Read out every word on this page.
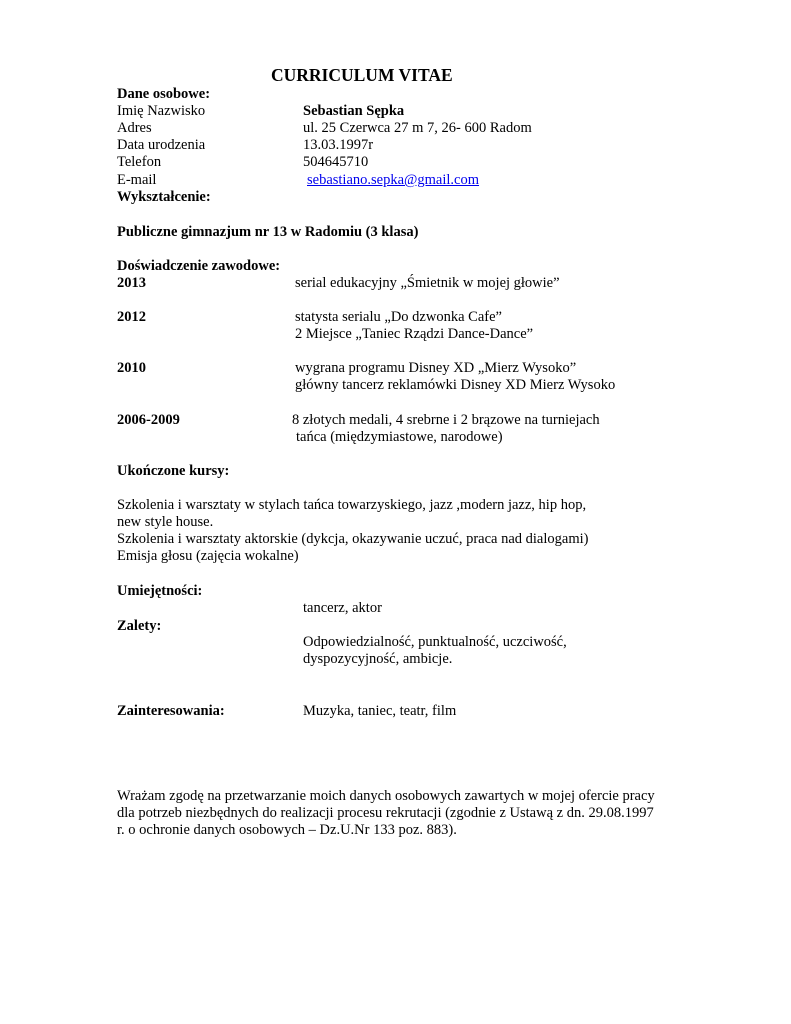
CURRICULUM VITAE
Dane osobowe:
Imię Nazwisko	Sebastian Sępka
Adres	ul. 25 Czerwca 27 m 7, 26- 600 Radom
Data urodzenia	13.03.1997r
Telefon	504645710
E-mail	sebastiano.sepka@gmail.com
Wykształcenie:
Publiczne gimnazjum nr 13 w Radomiu (3 klasa)
Doświadczenie zawodowe:
2013	serial edukacyjny „Śmietnik w mojej głowie”
2012	statysta serialu „Do dzwonka Cafe”
2 Miejsce „Taniec Rządzi Dance-Dance”
2010	wygrana programu Disney XD „Mierz Wysoko”
główny tancerz reklamówki Disney XD Mierz Wysoko
2006-2009	8 złotych medali, 4 srebrne i 2 brązowe na turniejach
tańca (międzymiastowe, narodowe)
Ukończone kursy:
Szkolenia i warsztaty w stylach tańca towarzyskiego, jazz ,modern jazz, hip hop,
new style house.
Szkolenia i warsztaty aktorskie (dykcja, okazywanie uczuć, praca nad dialogami)
Emisja głosu (zajęcia wokalne)
Umiejętności:
tancerz, aktor
Zalety:
Odpowiedzialność, punktualność, uczciwość,
dyspozycyjność, ambicje.
Zainteresowania:	Muzyka, taniec, teatr, film
Wrażam zgodę na przetwarzanie moich danych osobowych zawartych w mojej ofercie pracy
dla potrzeb niezbędnych do realizacji procesu rekrutacji (zgodnie z Ustawą z dn. 29.08.1997
r. o ochronie danych osobowych – Dz.U.Nr 133 poz. 883).
